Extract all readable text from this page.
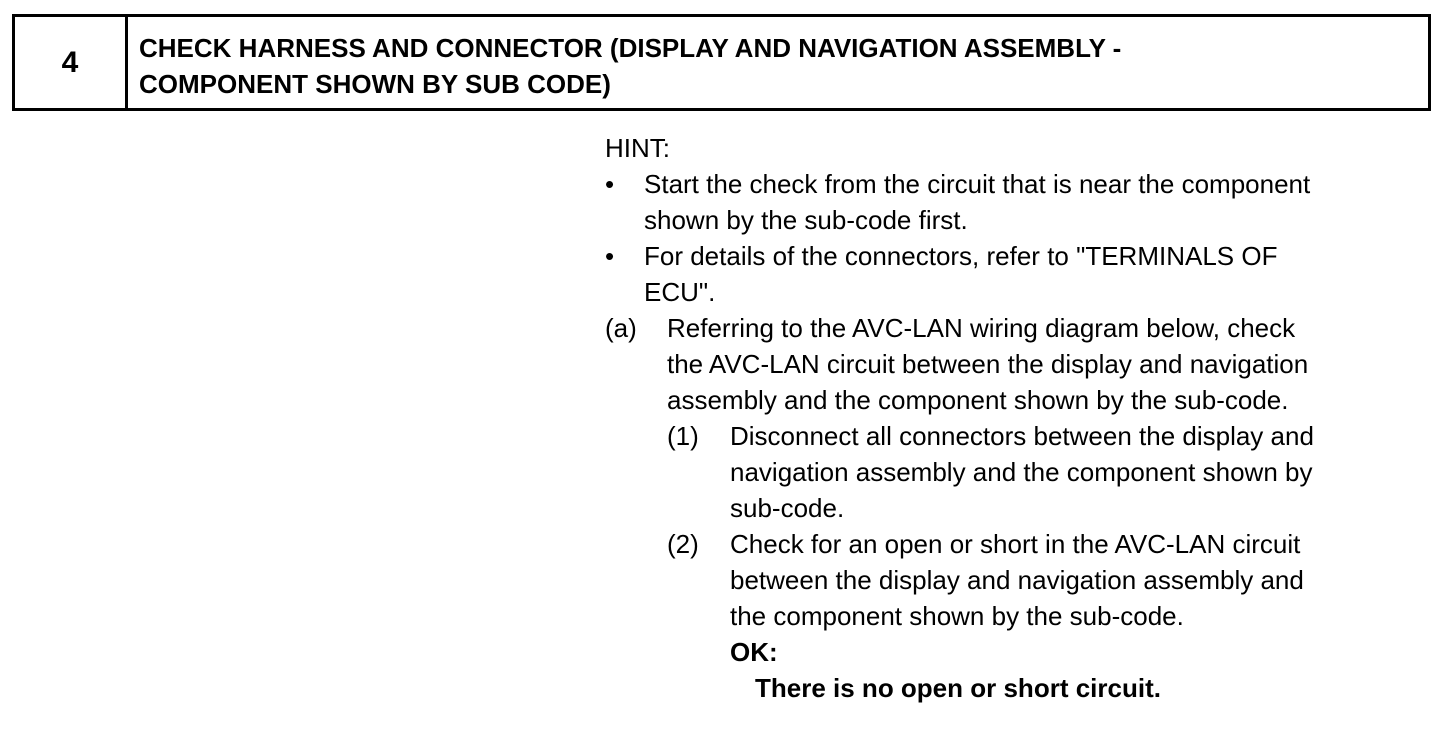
4	CHECK HARNESS AND CONNECTOR (DISPLAY AND NAVIGATION ASSEMBLY -
COMPONENT SHOWN BY SUB CODE)
HINT:
•	Start the check from the circuit that is near the component
shown by the sub-code first.
•	For details of the connectors, refer to "TERMINALS OF
ECU".
(a)	Referring to the AVC-LAN wiring diagram below, check
the AVC-LAN circuit between the display and navigation
assembly and the component shown by the sub-code.
(1)	Disconnect all connectors between the display and
navigation assembly and the component shown by
sub-code.
(2)	Check for an open or short in the AVC-LAN circuit
between the display and navigation assembly and
the component shown by the sub-code.
OK:
There is no open or short circuit.
